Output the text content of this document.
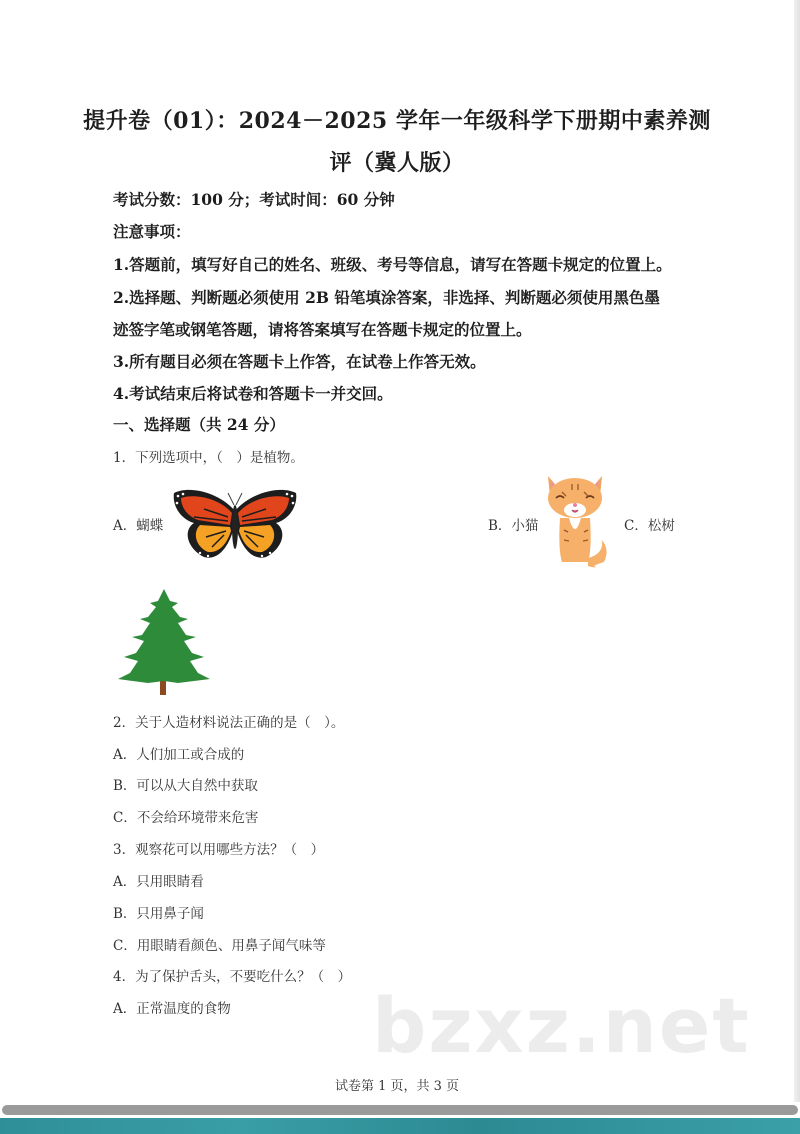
提升卷（01）：2024－2025 学年一年级科学下册期中素养测
评（冀人版）
考试分数：100 分；考试时间：60 分钟
注意事项：
1.答题前，填写好自己的姓名、班级、考号等信息，请写在答题卡规定的位置上。
2.选择题、判断题必须使用 2B 铅笔填涂答案，非选择、判断题必须使用黑色墨
迹签字笔或钢笔答题，请将答案填写在答题卡规定的位置上。
3.所有题目必须在答题卡上作答，在试卷上作答无效。
4.考试结束后将试卷和答题卡一并交回。
一、选择题（共 24 分）
1．下列选项中，（　）是植物。
A．蝴蝶	B．小猫	C．松树
2．关于人造材料说法正确的是（　）。
A．人们加工或合成的
B．可以从大自然中获取
C．不会给环境带来危害
3．观察花可以用哪些方法？（　）
A．只用眼睛看
B．只用鼻子闻
C．用眼睛看颜色、用鼻子闻气味等
4．为了保护舌头，不要吃什么？（　）
A．正常温度的食物 bzxz.net
试卷第 1 页，共 3 页
